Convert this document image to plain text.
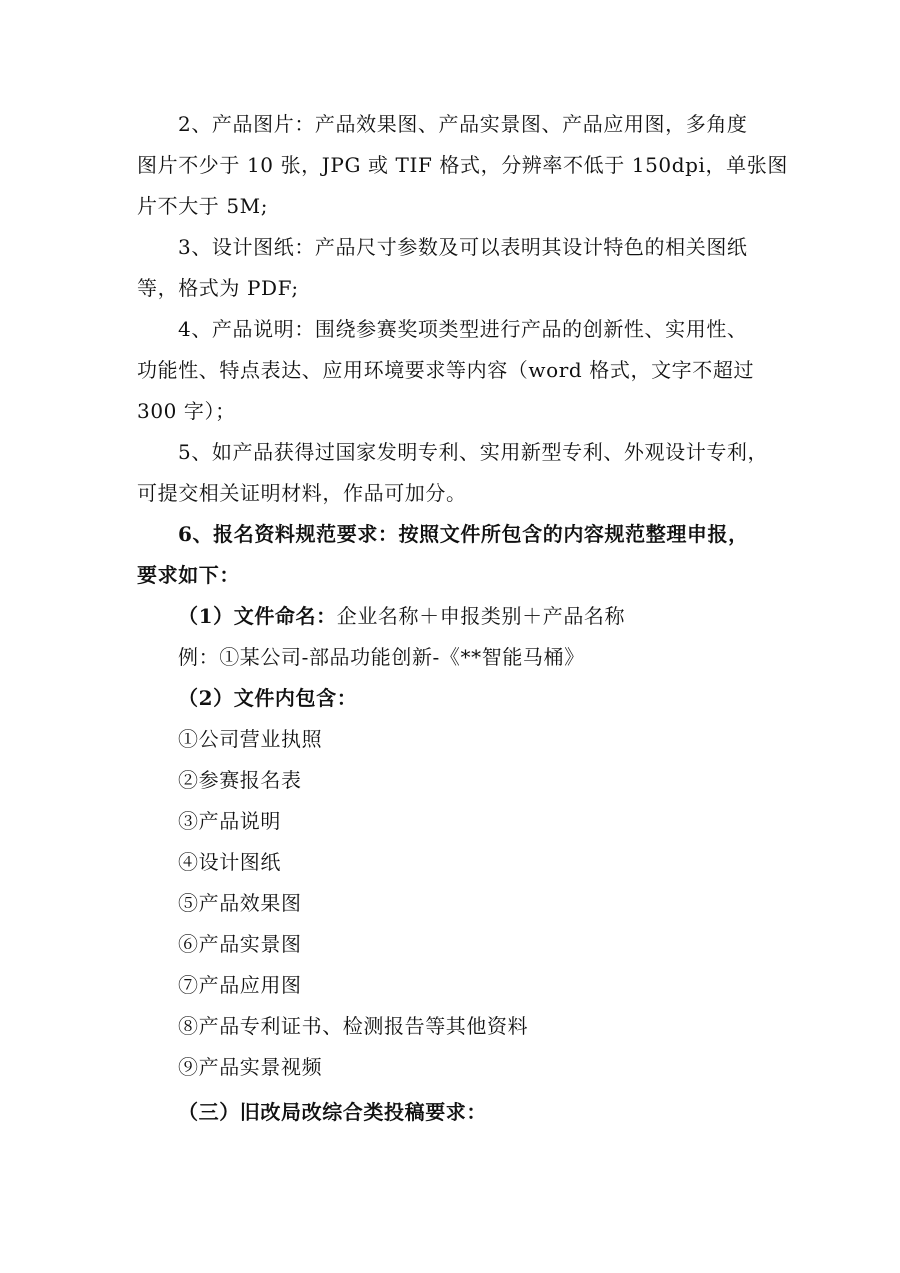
2、产品图片：产品效果图、产品实景图、产品应用图，多角度
图片不少于 10 张，JPG 或 TIF 格式，分辨率不低于 150dpi，单张图
片不大于 5M;
3、设计图纸：产品尺寸参数及可以表明其设计特色的相关图纸
等，格式为 PDF;
4、产品说明：围绕参赛奖项类型进行产品的创新性、实用性、
功能性、特点表达、应用环境要求等内容（word 格式，文字不超过
300 字）；
5、如产品获得过国家发明专利、实用新型专利、外观设计专利，
可提交相关证明材料，作品可加分。
6、报名资料规范要求：按照文件所包含的内容规范整理申报，
要求如下：
（1）文件命名：企业名称＋申报类别＋产品名称
例：①某公司-部品功能创新-《**智能马桶》
（2）文件内包含：
①公司营业执照
②参赛报名表
③产品说明
④设计图纸
⑤产品效果图
⑥产品实景图
⑦产品应用图
⑧产品专利证书、检测报告等其他资料
⑨产品实景视频
（三）旧改局改综合类投稿要求：
